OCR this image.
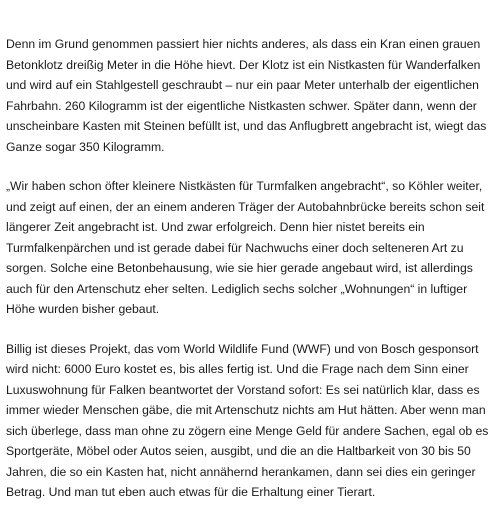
Denn im Grund genommen passiert hier nichts anderes, als dass ein Kran einen grauen Betonklotz dreißig Meter in die Höhe hievt. Der Klotz ist ein Nistkasten für Wanderfalken und wird auf ein Stahlgestell geschraubt – nur ein paar Meter unterhalb der eigentlichen Fahrbahn. 260 Kilogramm ist der eigentliche Nistkasten schwer. Später dann, wenn der unscheinbare Kasten mit Steinen befüllt ist, und das Anflugbrett angebracht ist, wiegt das Ganze sogar 350 Kilogramm.

„Wir haben schon öfter kleinere Nistkästen für Turmfalken angebracht“, so Köhler weiter, und zeigt auf einen, der an einem anderen Träger der Autobahnbrücke bereits schon seit längerer Zeit angebracht ist. Und zwar erfolgreich. Denn hier nistet bereits ein Turmfalkenpärchen und ist gerade dabei für Nachwuchs einer doch selteneren Art zu sorgen. Solche eine Betonbehausung, wie sie hier gerade angebaut wird, ist allerdings auch für den Artenschutz eher selten. Lediglich sechs solcher „Wohnungen“ in luftiger Höhe wurden bisher gebaut.

Billig ist dieses Projekt, das vom World Wildlife Fund (WWF) und von Bosch gesponsort wird nicht: 6000 Euro kostet es, bis alles fertig ist. Und die Frage nach dem Sinn einer Luxuswohnung für Falken beantwortet der Vorstand sofort: Es sei natürlich klar, dass es immer wieder Menschen gäbe, die mit Artenschutz nichts am Hut hätten. Aber wenn man sich überlege, dass man ohne zu zögern eine Menge Geld für andere Sachen, egal ob es Sportgeräte, Möbel oder Autos seien, ausgibt, und die an die Haltbarkeit von 30 bis 50 Jahren, die so ein Kasten hat, nicht annähernd herankamen, dann sei dies ein geringer Betrag. Und man tut eben auch etwas für die Erhaltung einer Tierart.
